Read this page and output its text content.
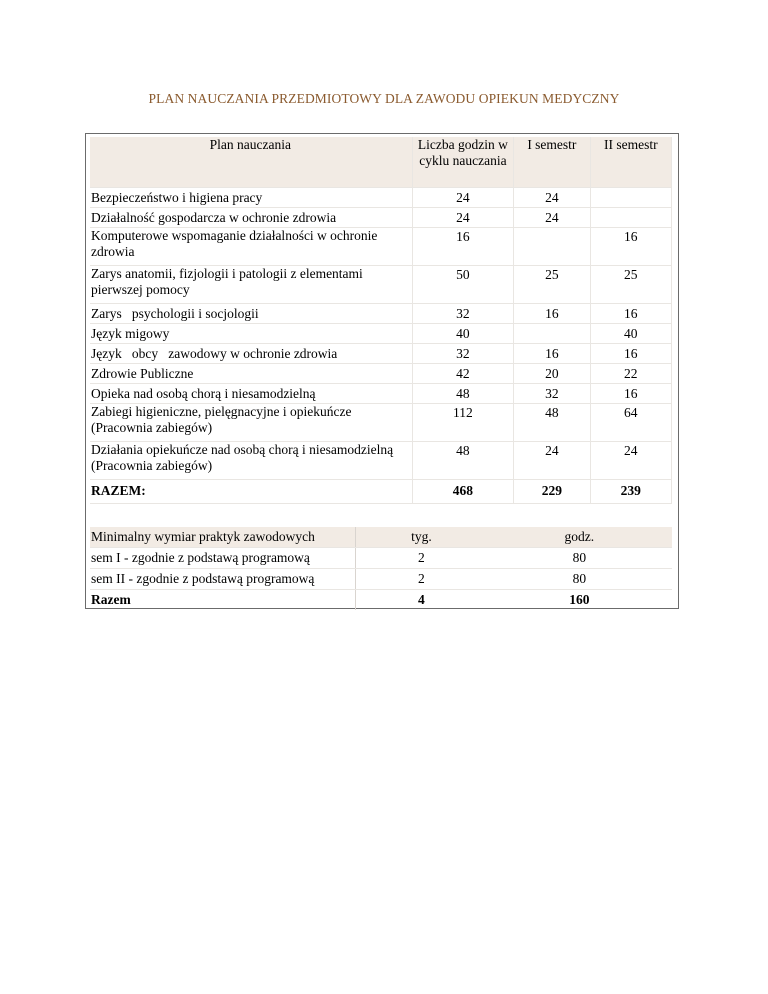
PLAN NAUCZANIA PRZEDMIOTOWY DLA ZAWODU OPIEKUN MEDYCZNY
Plan nauczania	Liczba godzin w cyklu nauczania	I semestr	II semestr
Bezpieczeństwo i higiena pracy	24	24	
Działalność gospodarcza w ochronie zdrowia	24	24	
Komputerowe wspomaganie działalności w ochronie zdrowia	16		16
Zarys anatomii, fizjologii i patologii z elementami pierwszej pomocy	50	25	25
Zarys   psychologii i socjologii	32	16	16
Język migowy	40		40
Język   obcy   zawodowy w ochronie zdrowia	32	16	16
Zdrowie Publiczne	42	20	22
Opieka nad osobą chorą i niesamodzielną	48	32	16
Zabiegi higieniczne, pielęgnacyjne i opiekuńcze (Pracownia zabiegów)	112	48	64
Działania opiekuńcze nad osobą chorą i niesamodzielną (Pracownia zabiegów)	48	24	24
RAZEM:	468	229	239
Minimalny wymiar praktyk zawodowych	tyg.	godz.
sem I - zgodnie z podstawą programową	2	80
sem II - zgodnie z podstawą programową	2	80
Razem	4	160
